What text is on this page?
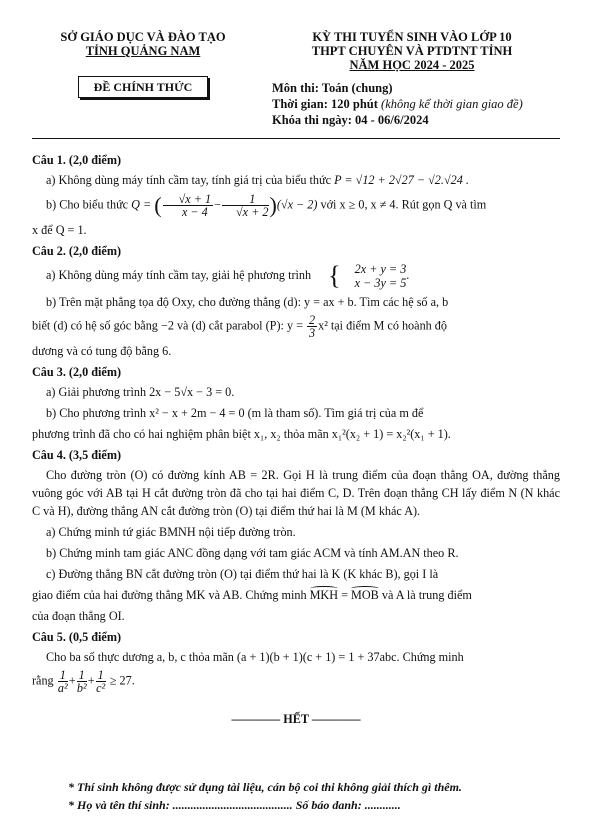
SỞ GIÁO DỤC VÀ ĐÀO TẠO
TỈNH QUẢNG NAM
ĐỀ CHÍNH THỨC
KỲ THI TUYỂN SINH VÀO LỚP 10
THPT CHUYÊN VÀ PTDTNT TỈNH
NĂM HỌC 2024 - 2025
Môn thi: Toán (chung)
Thời gian: 120 phút (không kể thời gian giao đề)
Khóa thi ngày: 04 - 06/6/2024
Câu 1. (2,0 điểm)

a) Không dùng máy tính cầm tay, tính giá trị của biểu thức P = √12 + 2√27 − √2.√24 .

b) Cho biểu thức Q = ( $\frac{√x + 1}{x - 4} - \frac{1}{√x + 2} )(√x - 2)$ với x ≥ 0, x ≠ 4. Rút gọn Q và tìm

x để Q = 1.

Câu 2. (2,0 điểm)

a) Không dùng máy tính cầm tay, giải hệ phương trình {	2x + y = 3
x − 3y = 5
.

b) Trên mặt phẳng tọa độ Oxy, cho đường thẳng (d): y = ax + b. Tìm các hệ số a, b

biết (d) có hệ số góc bằng −2 và (d) cắt parabol (P): $y = \frac{2}{3} x^2$ tại điểm M có hoành độ

dương và có tung độ bằng 6.

Câu 3. (2,0 điểm)

a) Giải phương trình 2x − 5√x − 3 = 0.

b) Cho phương trình x² − x + 2m − 4 = 0 (m là tham số). Tìm giá trị của m để

phương trình đã cho có hai nghiệm phân biệt x₁, x₂ thỏa mãn x₁²(x₂ + 1) = x₂²(x₁ + 1).

Câu 4. (3,5 điểm)

Cho đường tròn (O) có đường kính AB = 2R. Gọi H là trung điểm của đoạn thẳng OA, đường thẳng vuông góc với AB tại H cắt đường tròn đã cho tại hai điểm C, D. Trên đoạn thẳng CH lấy điểm N (N khác C và H), đường thẳng AN cắt đường tròn (O) tại điểm thứ hai là M (M khác A).

a) Chứng minh tứ giác BMNH nội tiếp đường tròn.

b) Chứng minh tam giác ANC đồng dạng với tam giác ACM và tính AM.AN theo R.

c) Đường thẳng BN cắt đường tròn (O) tại điểm thứ hai là K (K khác B), gọi I là

giao điểm của hai đường thẳng MK và AB. Chứng minh MKH = MOB và A là trung điểm

của đoạn thẳng OI.

Câu 5. (0,5 điểm)

Cho ba số thực dương a, b, c thỏa mãn (a + 1)(b + 1)(c + 1) = 1 + 37abc. Chứng minh

rằng $\frac{1}{\text{a²}} + \frac{1}{\text{b²}} + \frac{1}{\text{c²}} \ge 27$.

———— HẾT ————
* Thí sinh không được sử dụng tài liệu, cán bộ coi thi không giải thích gì thêm.
* Họ và tên thí sinh: ........................................ Số báo danh: ............
